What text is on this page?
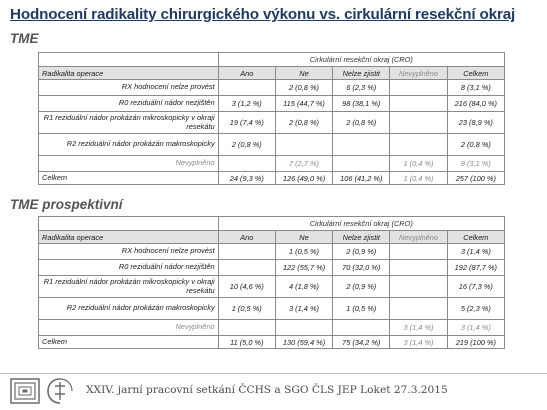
Hodnocení radikality chirurgického výkonu vs. cirkulární resekční okraj
TME
	Cirkulární resekční okraj (CRO)				
Radikalita operace	Ano	Ne	Nelze zjistit	Nevyplněno	Celkem
RX hodnocení nelze provést		2 (0,8 %)	6 (2,3 %)		8 (3,1 %)
R0 reziduální nádor nezjištěn	3 (1,2 %)	115 (44,7 %)	98 (38,1 %)		216 (84,0 %)
R1 reziduální nádor prokázán mikroskopicky v okraji resekátu	19 (7,4 %)	2 (0,8 %)	2 (0,8 %)		23 (8,9 %)
R2 reziduální nádor prokázán makroskopicky	2 (0,8 %)				2 (0,8 %)
Nevyplněno		7 (2,7 %)		1 (0,4 %)	8 (3,1 %)
Celkem	24 (9,3 %)	126 (49,0 %)	106 (41,2 %)	1 (0,4 %)	257 (100 %)
TME prospektivní
	Cirkulární resekční okraj (CRO)				
Radikalita operace	Ano	Ne	Nelze zjistit	Nevyplněno	Celkem
RX hodnocení nelze provést		1 (0,5 %)	2 (0,9 %)		3 (1,4 %)
R0 reziduální nádor nezjištěn		122 (55,7 %)	70 (32,0 %)		192 (87,7 %)
R1 reziduální nádor prokázán mikroskopicky v okraji resekátu	10 (4,6 %)	4 (1,8 %)	2 (0,9 %)		16 (7,3 %)
R2 reziduální nádor prokázán makroskopicky	1 (0,5 %)	3 (1,4 %)	1 (0,5 %)		5 (2,3 %)
Nevyplněno				3 (1,4 %)	3 (1,4 %)
Celkem	11 (5,0 %)	130 (59,4 %)	75 (34,2 %)	3 (1,4 %)	219 (100 %)
XXIV. jarní pracovní setkání ČCHS a SGO ČLS JEP Loket 27.3.2015
